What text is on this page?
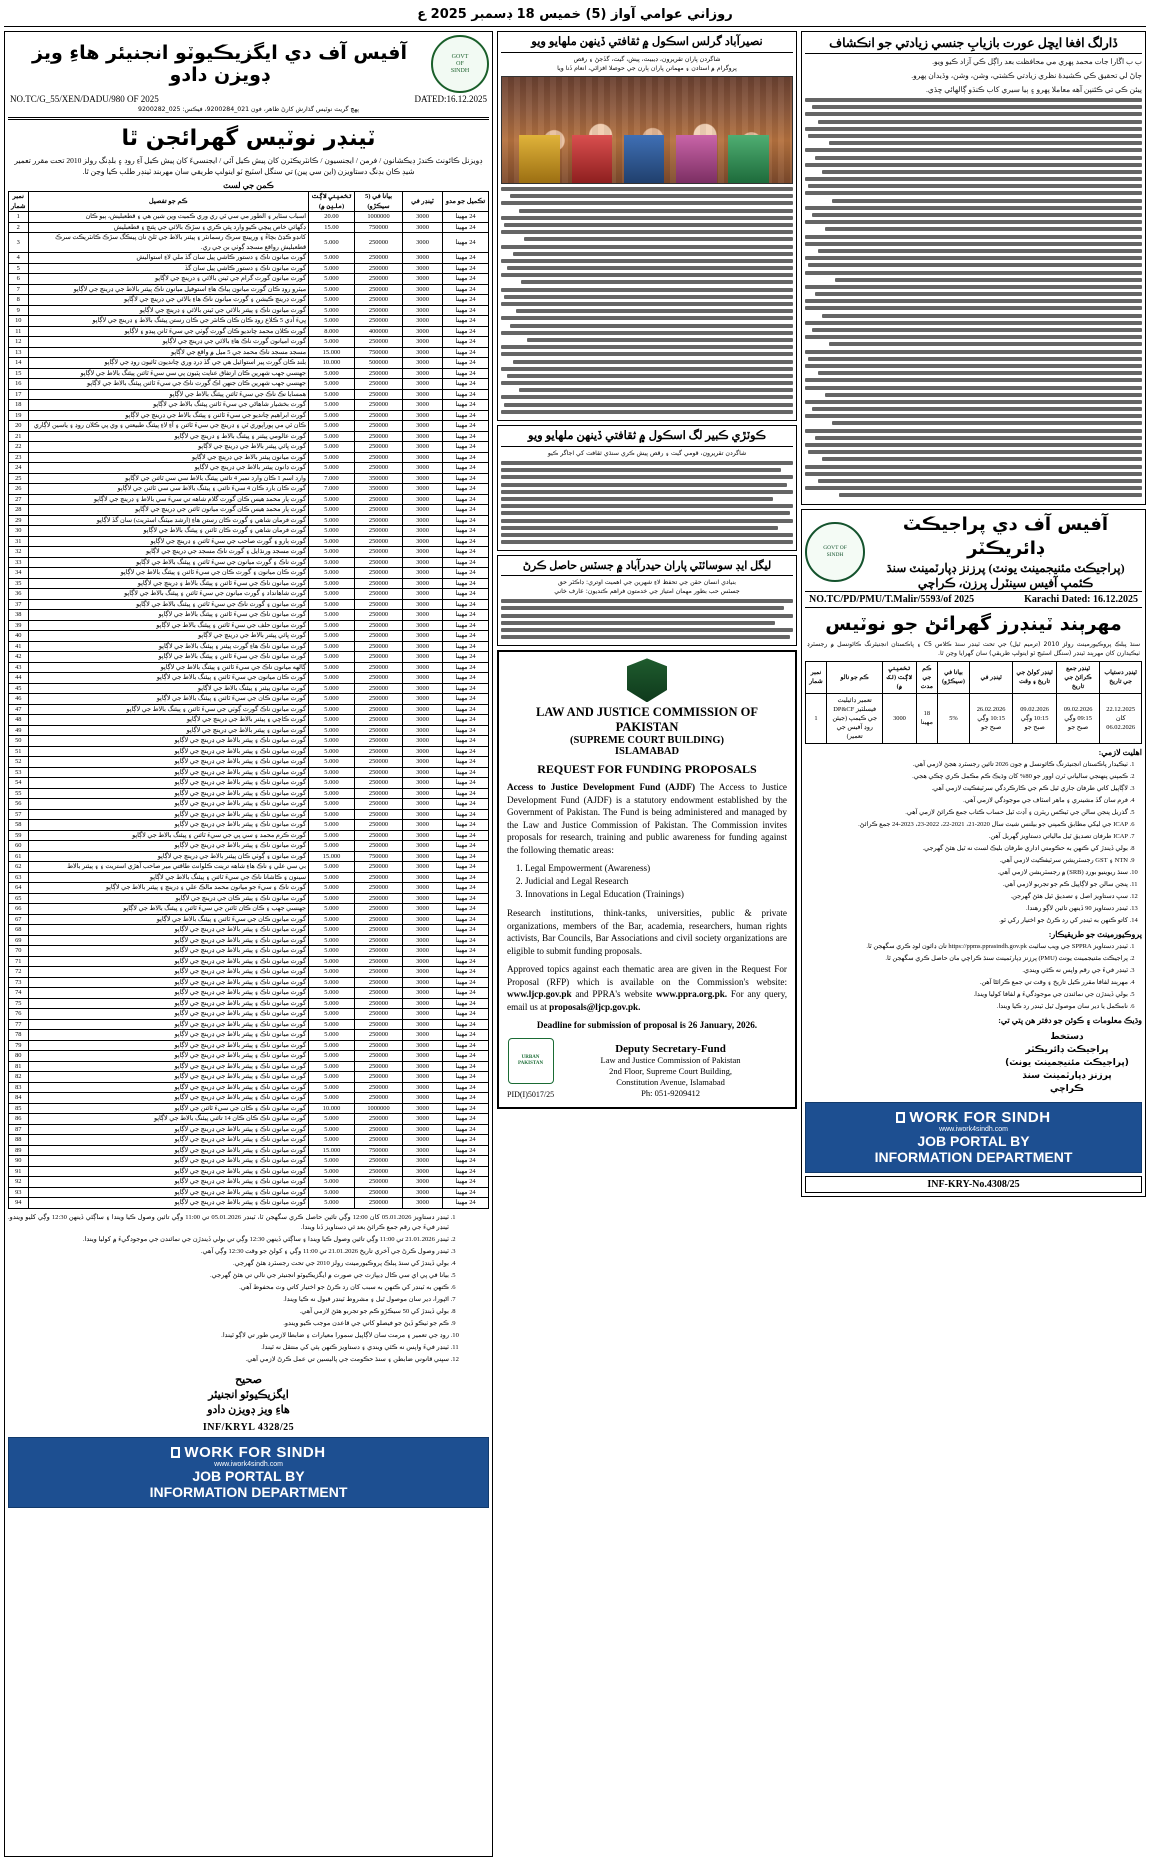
روزاني عوامي آواز (5) خميس 18 ڊسمبر 2025 ع
ڏارلگ افغا ايڇل عورت بازيابِ جنسي زيادتي جو انڪشاف

ب ب اڱارا جات محمد پهري مي محافظت بعد راڳل ڪي آزاد ڪيو ويو.

ڄاڻ لي تحقيق ڪي ڪشيدهٔ نظري زيادتي ڪشتي، وشن، وشن، وڏيدان پهرو.

پيئن ڪي تي ڪئنپن آهه معاملا پهرو ۽ ٻيا سيري کاب ڪنڌو ڳالهائي ڇڏي.

GOVT OF
SINDH
آفيس آف دي پراجيڪٽ ڊائريڪٽر
(پراجيڪٽ مئنيجمينٽ يونٽ) پرزنز ڊپارٽمينٽ سنڌ
ڪئمپ آفيس سينٽرل پرزن، ڪراچي
NO.TC/PD/PMU/T.Malir/5593/of 2025	Karachi Dated: 16.12.2025
مهرٻند ٽينڊرز گهرائڻ جو نوٽيس
سنڌ پبلڪ پروڪيورمينٽ رولز 2010 (ترميم ٿيل) جي تحت ٽينڊر سنڌ ڪلاس C5 ۽ پاڪستان انجنيئرنگ ڪائونسل ۾ رجسٽرڊ ٺيڪيدارن کان مهرٻند ٽينڊر (سنگل اسٽيج ٽو اينولپ طريقي) سان گهرايا وڃن ٿا.
ٽينڊر دستياب جي تاريخ	ٽينڊر جمع ڪرائڻ جي تاريخ	ٽينڊر کولڻ جي تاريخ ۽ وقت	ٽينڊر في	بيانا في (سيڪڙو)	ڪم جي مدت	تخميني لاڳت (لک ۾)	ڪم جو نالو	نمبر شمار
22.12.2025 کان 06.02.2026	09.02.2026 09:15 وڳي صبح جو	09.02.2026 10:15 وڳي صبح جو	26.02.2026 10:15 وڳي صبح جو	5%	18 مهينا	3000	تعمير ڊائيليٽ فيسلٽيز DP&CF جي ڪيمپ (جيئن روڊ آفيس جي تعمير)	1
اهليت لازمي:
1. ٺيڪيدار پاڪستان انجنيئرنگ ڪائونسل ۾ جون 2026 تائين رجسٽرڊ هجڻ لازمي آهي.
2. ڪمپني پنهنجي سالياني ٽرن اوور جو 80% کان وڌيڪ ڪم مڪمل ڪري چڪي هجي.
3. لاڳاپيل کاتي طرفان جاري ٿيل ڪم جي ڪارڪردگي سرٽيفڪيٽ لازمي آهي.
4. فرم سان گڏ مشينري ۽ ماهر اسٽاف جي موجودگي لازمي آهي.
5. گذريل پنجن سالن جي ٽيڪس ريٽرن ۽ آڊٽ ٿيل حساب ڪتاب جمع ڪرائڻ لازمي آهي.
6. ICAP جي ليکي مطابق ڪمپني جو بيلنس شيٽ سال 2020-21، 2021-22، 2022-23، 2023-24 جمع ڪرائڻ.
7. ICAP طرفان تصديق ٿيل مالياتي دستاويز گهربل آهن.
8. بولي ڏيندڙ کي ڪنهن به حڪومتي اداري طرفان بليڪ لسٽ نه ٿيل هئڻ گهرجي.
9. NTN ۽ GST رجسٽريشن سرٽيفڪيٽ لازمي آهي.
10. سنڌ ريوينيو بورڊ (SRB) ۾ رجسٽريشن لازمي آهي.
11. پنجن سالن جو لاڳاپيل ڪم جو تجربو لازمي آهي.
12. سڀ دستاويز اصل ۽ تصديق ٿيل هئڻ گهرجن.
13. ٽينڊر دستاويز 90 ڏينهن تائين لاڳو رهندا.
14. کاتو ڪنهن به ٽينڊر کي رد ڪرڻ جو اختيار رکي ٿو.
پروڪيورمينٽ جو طريقيڪار:
1. ٽينڊر دستاويز SPPRA جي ويب سائيٽ https://ppms.pprasindh.gov.pk تان ڊائون لوڊ ڪري سگهجن ٿا.
2. پراجيڪٽ مئنيجمينٽ يونٽ (PMU) پرزنز ڊپارٽمينٽ سنڌ ڪراچي مان حاصل ڪري سگهجن ٿا.
3. ٽينڊر فيءَ جي رقم واپس نه ڪئي ويندي.
4. مهرٻند لفافا مقرر ڪيل تاريخ ۽ وقت تي جمع ڪرائڻا آهن.
5. بولي ڏيندڙن جي نمائندن جي موجودگيءَ ۾ لفافا کوليا ويندا.
6. نامڪمل يا دير سان موصول ٿيل ٽينڊر رد ڪيا ويندا.
وڌيڪ معلومات ۽ ڪوئن جو دفتر هن پتي تي:
دستخط
پراجيڪٽ ڊائريڪٽر
(پراجيڪٽ مئنيجمينٽ يونٽ)
پرزنز ڊپارٽمينٽ سنڌ
ڪراچي
WORK FOR SINDH
www.iwork4sindh.com
JOB PORTAL BY
INFORMATION DEPARTMENT
INF-KRY-No.4308/25
نصيرآباد گرلس اسڪول ۾ ثقافتي ڏينهن ملهايو ويو
شاگردن پاران تقريرون، ڊيبيٽ، پيش، گيت، گڏجڻ ۽ رقص
پروگرام ۾ استادن ۽ مهمانن پاران ٻارن جي حوصلا افزائي، انعام ڏنا ويا
ڪوٽڙي ڪبير لگ اسڪول ۾ ثقافتي ڏينهن ملهايو ويو
شاگردن تقريرون، قومي گيت ۽ رقص پيش ڪري سنڌي ثقافت کي اجاگر ڪيو
ليگل ايڊ سوسائٽي پاران حيدرآباد ۾ جسٽس حاصل ڪرڻ
بنيادي انسان حقن جي تحفظ لاءِ شهرين جي اهميت اوتري: ڊاڪٽر حق
جسٽس حب بطور مهمان امتياز جي خدمتون فراهم ڪنديون: عارف خاني
LAW AND JUSTICE COMMISSION OF PAKISTAN
(SUPREME COURT BUILDING)
ISLAMABAD
REQUEST FOR FUNDING PROPOSALS

Access to Justice Development Fund (AJDF) The Access to Justice Development Fund (AJDF) is a statutory endowment established by the Government of Pakistan. The Fund is being administered and managed by the Law and Justice Commission of Pakistan. The Commission invites proposals for research, training and public awareness for funding against the following thematic areas:

1. Legal Empowerment (Awareness)
2. Judicial and Legal Research
3. Innovations in Legal Education (Trainings)

Research institutions, think-tanks, universities, public & private organizations, members of the Bar, academia, researchers, human rights activists, Bar Councils, Bar Associations and civil society organizations are eligible to submit funding proposals.

Approved topics against each thematic area are given in the Request For Proposal (RFP) which is available on the Commission's website: www.ljcp.gov.pk and PPRA's website www.ppra.org.pk. For any query, email us at proposals@ljcp.gov.pk.

Deadline for submission of proposal is 26 January, 2026.

URBAN
PAKISTAN
PID(I)5017/25
Deputy Secretary-Fund
Law and Justice Commission of Pakistan
2nd Floor, Supreme Court Building,
Constitution Avenue, Islamabad
Ph: 051-9209412
آفيس آف دي ايگزيڪيوٽو انجنيئر ھاءِ ويز ڊويزن دادو
GOVT
OF
SINDH
NO.TC/G_55/XEN/DADU/980 OF 2025	DATED:16.12.2025
پهچ گريٽ نوٽيس گذارش كارڻ طاھر، فون 021_9200284، فيڪس: 025_9200282
ٽينڊر نوٽيس گهرائجن ٿا
ڊويزنل ڪائونٽ ڪندڙ ڊيڪشانون / فرمن / ايجنسيون / ڪانٽريڪٽرن کان پيش ڪيل آئي / ايجنسيءَ کان پيش ڪيل آءِ روڊ ۽ بلڊنگ رولز 2010 تحت مقرر تعمير شيڊ ڪان بڊنگ دستاويزن (اين سي پين) تي سنگل اسٽيج ٽو اينولپ طريقي سان مهربند ٽينڊر طلب ڪيا وڃن ٿا.
ڪمن جي لسٽ
تڪميل جو مدو	ٽينڊر في	بيانا في (5 سيڪڙو)	تخميني لاڳت (ملين ۾)	ڪم جو تفصيل	نمبر شمار
24 مهينا	3000	1000000	20.00	اسباب سٿاير ۽ الطور مي سي ٿي ري وري ڪميٽ وين شين ھي ۽ قطعبليش، ٻيو ڪان	1
24 مهينا	3000	750000	15.00	ڊگھائي خاص پيچي ڪيو وارد پئي ڪري ۽ سڙڪ بالائي جي پئنچ ۽ قطعبليش	2
24 مهينا	3000	250000	5.000	کانڊو ڪڍڻ بچاءُ ۽ وريينچ سرڪ رسمانٽر ۽ پيئنر بالاط جي ٿلڻ نان پينڪگ سڙڪ ڪانٽريڪٽ سرڪ قطعبليش رواقع مسجد ڳوٺي بن جي ري.	3
24 مهينا	3000	250000	5.000	گورٽ ميانون ناڪ ۽ دستور ڪاشي پيل سان گڏ ملي لاءِ استواليش	4
24 مهينا	3000	250000	5.000	گورٽ ميانون ناڪ ۽ دستور ڪاشي پيل سان گڏ	5
24 مهينا	3000	250000	5.000	گورٽ ميانون گورٽ گرام جي ٿينن بالائي ۽ درينچ جي لاڳاپو	6
24 مهينا	3000	250000	5.000	ميٽرو روڊ ڪان گورٽ ميانون ٻياڪ ھاءِ استوفيل ميانون ناڪ پيئنر بالاط جي ڊرينچ جي لاڳاپو	7
24 مهينا	3000	250000	5.000	گورٽ ڊرينچ ڪيشن ۽ گورٽ ميانون ناڪ ھاءِ بالائي جي ڊرينچ جي لاڳاپو	8
24 مهينا	3000	250000	5.000	گورٽ ميانون ناڪ ۽ پيئنر بالائي جي ٿينن بالائي ۽ ڊرينچ جي لاڳاپو	9
24 مهينا	3000	250000	5.000	ڀيءَ آدي 5 ڪلاع روڊ ڪان ڪان ڪانٽر جي ڪان رستن پيئنگ بالاط ۽ ڊرينچ جي لاڳاپو	10
24 مهينا	3000	400000	8.000	گورٽ ڪلان محمد چانديو ڪان گورٽ ڳوٺي جي سيءَ ٿانن پيڊو ۽ لاڳاپو	11
24 مهينا	3000	250000	5.000	گورٽ اميانون گورٽ ناڪ ھاءِ بالائي جي ڊرينچ جي لاڳاپو	12
24 مهينا	3000	750000	15.000	مسجد مسجد ناڪ محمد جي 5 ميل ۾ واقع جي لاڳاپو	13
24 مهينا	3000	500000	10.000	بلند ڪان گورٽ پير استوائيل ھي جي گڏ ڊرڊ وري چانديون ٿائيون روڊ جي لاڳاپو	14
24 مهينا	3000	250000	5.000	جهنسي جهب شهرين ڪان ارتفاق عنايت پٽيون پي سي سيءَ ٿائنن پيئنگ بالاط جي لاڳاپو	15
24 مهينا	3000	250000	5.000	جهنسي جهب شهرين ڪان جنهن اڪ گورٽ ناڪ جي سيءَ ٿائنن پيئنگ بالاط جي لاڳاپو	16
24 مهينا	3000	250000	5.000	همسايا نڪ ناڪ جي سيءَ ٿائنن پيئنگ بالاط جي لاڳاپو	17
24 مهينا	3000	250000	5.000	گورٽ بخشيار شاهاڻي جي سيءَ ٿائنن پيئنگ بالاط جي لاڳاپو	18
24 مهينا	3000	250000	5.000	گورٽ ابراهيم چانديو جي سيءَ ٿائنن ۽ پيئنگ بالاط جي ڊرينچ جي لاڳاپو	19
24 مهينا	3000	250000	5.000	ڪان ٿي مي پوراپوري ٿي ۽ ڊرينچ جي سيءَ ٿائنن ۽ آءِ لاءِ پيئنگ طبيعتي ۽ وي پي ڪلان روڊ ۽ ياسين لاڳاري	20
24 مهينا	3000	250000	5.000	گورٽ عالومي پيئنر ۽ پيئنگ بالاط ۽ درينچ جي لاڳاپو	21
24 مهينا	3000	250000	5.000	گورٽ ڀائي پيئنر بالاط جي ڊرينچ جي لاڳاپو	22
24 مهينا	3000	250000	5.000	گورٽ ميانون پيئنر بالاط جي ڊرينچ جي لاڳاپو	23
24 مهينا	3000	250000	5.000	گورٽ ڊانون پيئنر بالاط جي ڊرينچ جي لاڳاپو	24
24 مهينا	3000	350000	7.000	وارد اسم 1 ڪان وارد نمبر 4 تائني پيئنگ بالاط سي سي ٿائنن جي لاڳاپو	25
24 مهينا	3000	350000	7.000	گورٽ ڪان بارد ڪان 4 سيءَ تائني ۽ پيئنگ بالاط سي سي ٿائنن جي لاڳاپو	26
24 مهينا	3000	250000	5.000	گورٽ پار محمد هيس ڪان گورٽ گلام شاهه تي سيءَ سي بالاط ۽ ڊرينچ جي لاڳاپو	27
24 مهينا	3000	250000	5.000	گورٽ پار محمد هيس ڪان گورٽ ميانون ٿائنن جي ڊرينچ جي لاڳاپو	28
24 مهينا	3000	250000	5.000	گورٽ فرمان شاهي ۽ گورٽ ڪان رستن ھاءِ (ارشد ميٽنگ اسٽريٽ) سان گڏ لاڳاپو	29
24 مهينا	3000	250000	5.000	گورٽ فرمان شاهي ۽ گورٽ ڪان ٿائنن ۽ پيئنگ بالاط جي لاڳاپو	30
24 مهينا	3000	250000	5.000	گورٽ ٻارو ۽ گورٽ صاحب جي سيءَ ٿائنن ۽ ڊرينچ جي لاڳاپو	31
24 مهينا	3000	250000	5.000	گورٽ مسجد ورنڌايل ۽ گورٽ ناڪ مسجد جي ڊرينچ جي لاڳاپو	32
24 مهينا	3000	250000	5.000	گورٽ ناڪ ۽ گورٽ ميانون جي سيءَ ٿائنن ۽ پيئنگ بالاط جي لاڳاپو	33
24 مهينا	3000	250000	5.000	گورٽ ڪان ميانون ۽ گورٽ ڪان جي سيءَ ٿائنن ۽ پيئنگ بالاط جي لاڳاپو	34
24 مهينا	3000	250000	5.000	گورٽ ميانون ناڪ جي سيءَ ٿائنن ۽ پيئنگ بالاط ۽ ڊرينچ جي لاڳاپو	35
24 مهينا	3000	250000	5.000	گورٽ شاهانداد ۽ گورٽ ميانون جي سيءَ ٿائنن ۽ پيئنگ بالاط جي لاڳاپو	36
24 مهينا	3000	250000	5.000	گورٽ ميانون ۽ گورٽ ناڪ جي سيءَ ٿائنن ۽ پيئنگ بالاط جي لاڳاپو	37
24 مهينا	3000	250000	5.000	گورٽ ميانون ناڪ جي سيءَ ٿائنن ۽ پيئنگ بالاط جي لاڳاپو	38
24 مهينا	3000	250000	5.000	گورٽ ميانون حلف جي سيءَ ٿائنن ۽ پيئنگ بالاط جي لاڳاپو	39
24 مهينا	3000	250000	5.000	گورٽ ڀائي پيئنر بالاط جي ڊرينچ جي لاڳاپو	40
24 مهينا	3000	250000	5.000	گورٽ ميانون ناڪ ھاءِ گورٽ پيئنر ۽ پيئنگ بالاط جي لاڳاپو	41
24 مهينا	3000	250000	5.000	گورٽ ميانون ناڪ جي سيءَ ٿائنن ۽ پيئنگ بالاط جي لاڳاپو	42
24 مهينا	3000	250000	5.000	ڳالهه ميانون ناڪ جي سيءَ ٿائنن ۽ پيئنگ بالاط جي لاڳاپو	43
24 مهينا	3000	250000	5.000	گورٽ ڪان ميانون جي سيءَ ٿائنن ۽ پيئنگ بالاط جي لاڳاپو	44
24 مهينا	3000	250000	5.000	گورٽ ميانون پيئنر ۽ پيئنگ بالاط جي لاڳاپو	45
24 مهينا	3000	250000	5.000	گورٽ ميانون ڪان جي سيءَ ٿائنن ۽ پيئنگ بالاط جي لاڳاپو	46
24 مهينا	3000	250000	5.000	گورٽ ميانون ناڪ گورٽ ڳوٺي جي سيءَ ٿائنن ۽ پيئنگ بالاط جي لاڳاپو	47
24 مهينا	3000	250000	5.000	گورٽ ڪاڇي ۽ پيئنر بالاط جي ڊرينچ جي لاڳاپو	48
24 مهينا	3000	250000	5.000	گورٽ ميانون ۽ پيئنر بالاط جي ڊرينچ جي لاڳاپو	49
24 مهينا	3000	250000	5.000	گورٽ ميانون ناڪ ۽ پيئنر بالاط جي ڊرينچ جي لاڳاپو	50
24 مهينا	3000	250000	5.000	گورٽ ميانون ناڪ ۽ پيئنر بالاط جي ڊرينچ جي لاڳاپو	51
24 مهينا	3000	250000	5.000	گورٽ ميانون ناڪ ۽ پيئنر بالاط جي ڊرينچ جي لاڳاپو	52
24 مهينا	3000	250000	5.000	گورٽ ميانون ناڪ ۽ پيئنر بالاط جي ڊرينچ جي لاڳاپو	53
24 مهينا	3000	250000	5.000	گورٽ ميانون ناڪ ۽ پيئنر بالاط جي ڊرينچ جي لاڳاپو	54
24 مهينا	3000	250000	5.000	گورٽ ميانون ناڪ ۽ پيئنر بالاط جي ڊرينچ جي لاڳاپو	55
24 مهينا	3000	250000	5.000	گورٽ ميانون ناڪ ۽ پيئنر بالاط جي ڊرينچ جي لاڳاپو	56
24 مهينا	3000	250000	5.000	گورٽ ميانون ناڪ ۽ پيئنر بالاط جي ڊرينچ جي لاڳاپو	57
24 مهينا	3000	250000	5.000	گورٽ ميانون ناڪ ۽ پيئنر بالاط جي ڊرينچ جي لاڳاپو	58
24 مهينا	3000	250000	5.000	گورٽ ڪرم محمد ۽ سي پي جي سيءَ ٿائنن ۽ پيئنگ بالاط جي لاڳاپو	59
24 مهينا	3000	250000	5.000	گورٽ ميانون ناڪ ۽ پيئنر بالاط جي ڊرينچ جي لاڳاپو	60
24 مهينا	3000	750000	15.000	گورٽ ميانون ۽ ڳوٺي ڪان پيئنر بالاط جي ڊرينچ جي لاڳاپو	61
24 مهينا	3000	250000	5.000	بي سي علي ۽ ناڪ ھاءِ شاهه ترينت ڪلوانٽ طاقتي مير صاحب آهڙي استريٽ ۽ ۽ پيئنر بالاط	62
24 مهينا	3000	250000	5.000	سينون ۽ ڪاشانا ناڪ جي سيءَ ٿائنن ۽ پيئنگ بالاط جي لاڳاپو	63
24 مهينا	3000	250000	5.000	گورٽ ناڪ ۽ سيءَ جو ميانون محمد مالڪ علي ۽ ڊرينچ ۽ پيئنر بالاط جي لاڳاپو	64
24 مهينا	3000	250000	5.000	گورٽ ميانون ناڪ ۽ پيئنر ڪان جي ڊرينچ جي لاڳاپو	65
24 مهينا	3000	250000	5.000	جهنسي جهب ۽ ڪان ڪان ٿائنن جي سيءَ ٿائنن ۽ پيئنگ بالاط جي لاڳاپو	66
24 مهينا	3000	250000	5.000	گورٽ ميانون ڪان جي سيءَ ٿائنن ۽ پيئنگ بالاط جي لاڳاپو	67
24 مهينا	3000	250000	5.000	گورٽ ميانون ناڪ ۽ پيئنر بالاط جي ڊرينچ جي لاڳاپو	68
24 مهينا	3000	250000	5.000	گورٽ ميانون ناڪ ۽ پيئنر بالاط جي ڊرينچ جي لاڳاپو	69
24 مهينا	3000	250000	5.000	گورٽ ميانون ناڪ ۽ پيئنر بالاط جي ڊرينچ جي لاڳاپو	70
24 مهينا	3000	250000	5.000	گورٽ ميانون ناڪ ۽ پيئنر بالاط جي ڊرينچ جي لاڳاپو	71
24 مهينا	3000	250000	5.000	گورٽ ميانون ناڪ ۽ پيئنر بالاط جي ڊرينچ جي لاڳاپو	72
24 مهينا	3000	250000	5.000	گورٽ ميانون ناڪ ۽ پيئنر بالاط جي ڊرينچ جي لاڳاپو	73
24 مهينا	3000	250000	5.000	گورٽ ميانون ناڪ ۽ پيئنر بالاط جي ڊرينچ جي لاڳاپو	74
24 مهينا	3000	250000	5.000	گورٽ ميانون ناڪ ۽ پيئنر بالاط جي ڊرينچ جي لاڳاپو	75
24 مهينا	3000	250000	5.000	گورٽ ميانون ناڪ ۽ پيئنر بالاط جي ڊرينچ جي لاڳاپو	76
24 مهينا	3000	250000	5.000	گورٽ ميانون ناڪ ۽ پيئنر بالاط جي ڊرينچ جي لاڳاپو	77
24 مهينا	3000	250000	5.000	گورٽ ميانون ناڪ ۽ پيئنر بالاط جي ڊرينچ جي لاڳاپو	78
24 مهينا	3000	250000	5.000	گورٽ ميانون ناڪ ۽ پيئنر بالاط جي ڊرينچ جي لاڳاپو	79
24 مهينا	3000	250000	5.000	گورٽ ميانون ناڪ ۽ پيئنر بالاط جي ڊرينچ جي لاڳاپو	80
24 مهينا	3000	250000	5.000	گورٽ ميانون ناڪ ۽ پيئنر بالاط جي ڊرينچ جي لاڳاپو	81
24 مهينا	3000	250000	5.000	گورٽ ميانون ناڪ ۽ پيئنر بالاط جي ڊرينچ جي لاڳاپو	82
24 مهينا	3000	250000	5.000	گورٽ ميانون ناڪ ۽ پيئنر بالاط جي ڊرينچ جي لاڳاپو	83
24 مهينا	3000	250000	5.000	گورٽ ميانون ناڪ ۽ پيئنر بالاط جي ڊرينچ جي لاڳاپو	84
24 مهينا	3000	1000000	10.000	گورٽ ميانون ناڪ ۽ ڪان جي سيءَ ٿائنن جي لاڳاپو	85
24 مهينا	3000	250000	5.000	گورٽ ميانون ناڪ ڪان ڪان 14 تائني پيئنگ بالاط جي لاڳاپو	86
24 مهينا	3000	250000	5.000	گورٽ ميانون ناڪ ۽ پيئنر بالاط جي ڊرينچ جي لاڳاپو	87
24 مهينا	3000	250000	5.000	گورٽ ميانون ناڪ ۽ پيئنر بالاط جي ڊرينچ جي لاڳاپو	88
24 مهينا	3000	750000	15.000	گورٽ ميانون ناڪ ۽ پيئنر بالاط جي ڊرينچ جي لاڳاپو	89
24 مهينا	3000	250000	5.000	گورٽ ميانون ناڪ ۽ پيئنر بالاط جي ڊرينچ جي لاڳاپو	90
24 مهينا	3000	250000	5.000	گورٽ ميانون ناڪ ۽ پيئنر بالاط جي ڊرينچ جي لاڳاپو	91
24 مهينا	3000	250000	5.000	گورٽ ميانون ناڪ ۽ پيئنر بالاط جي ڊرينچ جي لاڳاپو	92
24 مهينا	3000	250000	5.000	گورٽ ميانون ناڪ ۽ پيئنر بالاط جي ڊرينچ جي لاڳاپو	93
24 مهينا	3000	250000	5.000	گورٽ ميانون ناڪ ۽ پيئنر بالاط جي ڊرينچ جي لاڳاپو	94
1. ٽينڊر دستاويز 05.01.2026 کان 12:00 وڳي تائين حاصل ڪري سگهجن ٿا، ٽينڊر 05.01.2026 تي 11:00 وڳي تائين وصول ڪيا ويندا ۽ ساڳئي ڏينهن 12:30 وڳي کليو ويندو. ٽينڊر فيءَ جي رقم جمع ڪرائڻ بعد ئي دستاويز ڏنا ويندا.
2. ٽينڊر 21.01.2026 تي 11:00 وڳي تائين وصول ڪيا ويندا ۽ ساڳئي ڏينهن 12:30 وڳي تي بولي ڏيندڙن جي نمائندن جي موجودگيءَ ۾ کوليا ويندا.
3. ٽينڊر وصول ڪرڻ جي آخري تاريخ 21.01.2026 تي 11:00 وڳي ۽ کولڻ جو وقت 12:30 وڳي آهي.
4. بولي ڏيندڙ کي سنڌ پبلڪ پروڪيورمينٽ رولز 2010 جي تحت رجسٽرڊ هئڻ گهرجي.
5. بيانا في پي اي سي ڪال ڊيپازٽ جي صورت ۾ ايگزيڪيوٽو انجنيئر جي نالي تي هئڻ گهرجي.
6. ڪنهن به ٽينڊر کي ڪنهن به سبب کان رد ڪرڻ جو اختيار کاتي وٽ محفوظ آهي.
7. اڻپورا، دير سان موصول ٿيل ۽ مشروط ٽينڊر قبول نه ڪيا ويندا.
8. بولي ڏيندڙ کي 50 سيڪڙو ڪم جو تجربو هئڻ لازمي آهي.
9. ڪم جو ٺيڪو ڏيڻ جو فيصلو کاتي جي قاعدن موجب ڪيو ويندو.
10. روڊ جي تعمير ۽ مرمت سان لاڳاپيل سمورا معيارات ۽ ضابطا لازمي طور تي لاڳو ٿيندا.
11. ٽينڊر فيءَ واپس نه ڪئي ويندي ۽ دستاويز ڪنهن ٻئي کي منتقل نه ٿيندا.
12. سڀني قانوني ضابطن ۽ سنڌ حڪومت جي پاليسين تي عمل ڪرڻ لازمي آهي.
صحيح
ايگزيڪيوٽو انجنيئر
هاءِ ويز ڊويزن دادو
INF/KRYL 4328/25
WORK FOR SINDH
www.iwork4sindh.com
JOB PORTAL BY
INFORMATION DEPARTMENT
